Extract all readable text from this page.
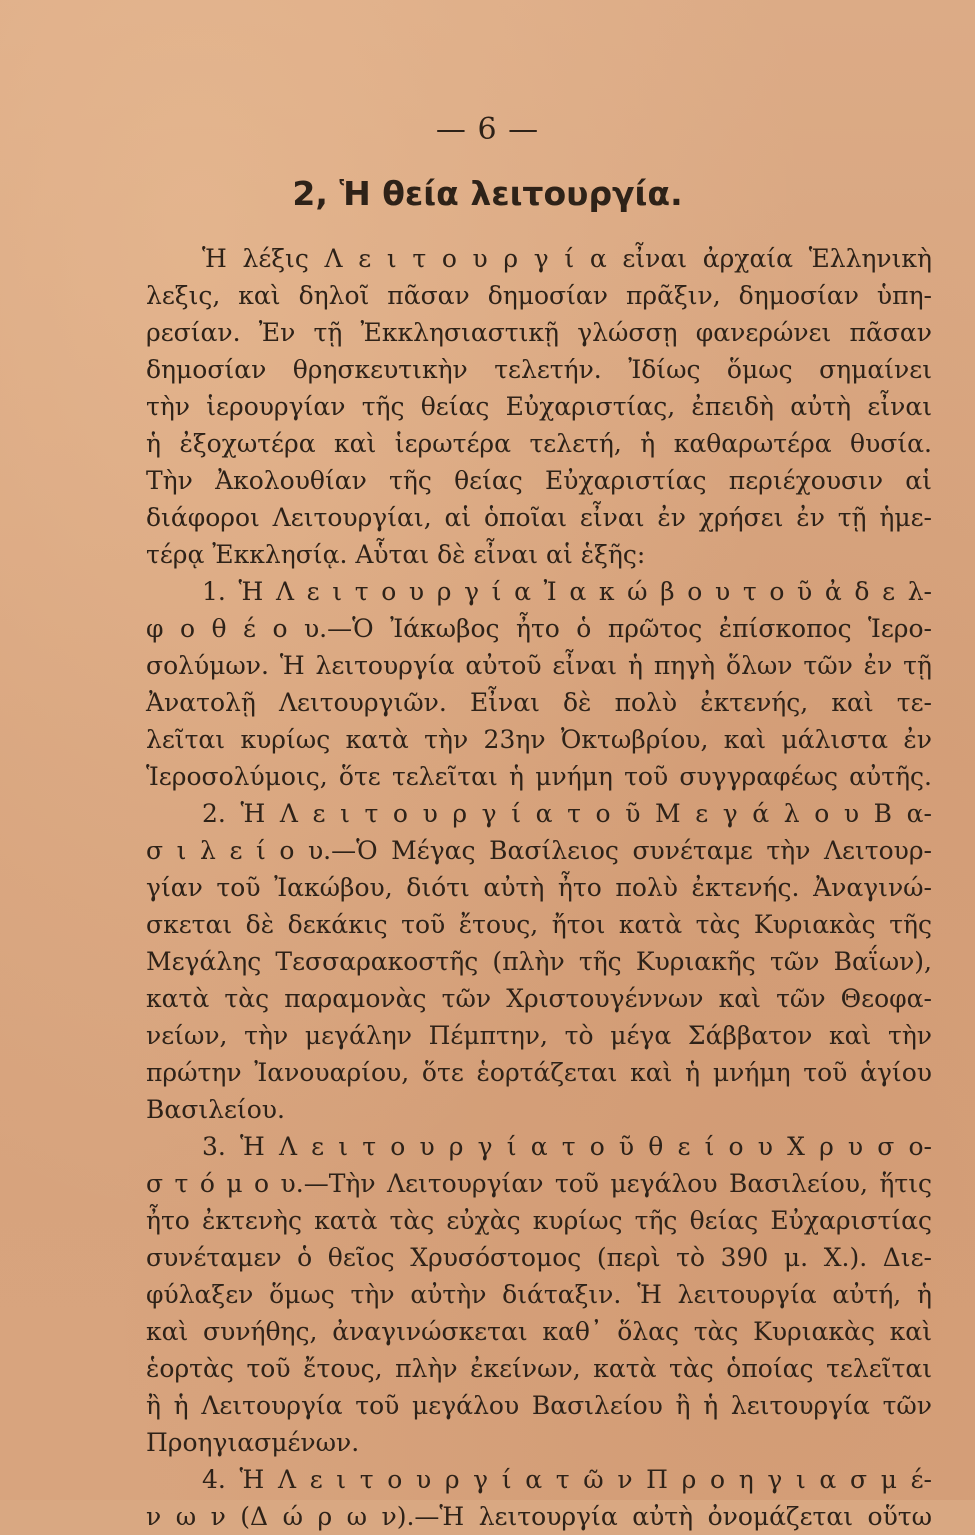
— 6 —
2, Ἡ θεία λειτουργία.
Ἡ λέξις Λ ε ι τ ο υ ρ γ ί α εἶναι ἀρχαία Ἑλληνικὴ
λεξις, καὶ δηλοῖ πᾶσαν δημοσίαν πρᾶξιν, δημοσίαν ὑπη-
ρεσίαν. Ἐν τῇ Ἐκκλησιαστικῇ γλώσσῃ φανερώνει πᾶσαν
δημοσίαν θρησκευτικὴν τελετήν. Ἰδίως ὅμως σημαίνει
τὴν ἱερουργίαν τῆς θείας Εὐχαριστίας, ἐπειδὴ αὐτὴ εἶναι
ἡ ἐξοχωτέρα καὶ ἱερωτέρα τελετή, ἡ καθαρωτέρα θυσία.
Τὴν Ἀκολουθίαν τῆς θείας Εὐχαριστίας περιέχουσιν αἱ
διάφοροι Λειτουργίαι, αἱ ὁποῖαι εἶναι ἐν χρήσει ἐν τῇ ἡμε-
τέρᾳ Ἐκκλησίᾳ. Αὗται δὲ εἶναι αἱ ἑξῆς:
1. Ἡ Λ ε ι τ ο υ ρ γ ί α Ἰ α κ ώ β ο υ τ ο ῦ ἀ δ ε λ-
φ ο θ έ ο υ.—Ὁ Ἰάκωβος ἦτο ὁ πρῶτος ἐπίσκοπος Ἱερο-
σολύμων. Ἡ λειτουργία αὐτοῦ εἶναι ἡ πηγὴ ὅλων τῶν ἐν τῇ
Ἀνατολῇ Λειτουργιῶν. Εἶναι δὲ πολὺ ἐκτενής, καὶ τε-
λεῖται κυρίως κατὰ τὴν 23ην Ὀκτωβρίου, καὶ μάλιστα ἐν
Ἱεροσολύμοις, ὅτε τελεῖται ἡ μνήμη τοῦ συγγραφέως αὐτῆς.
2. Ἡ Λ ε ι τ ο υ ρ γ ί α τ ο ῦ Μ ε γ ά λ ο υ Β α-
σ ι λ ε ί ο υ.—Ὁ Μέγας Βασίλειος συνέταμε τὴν Λειτουρ-
γίαν τοῦ Ἰακώβου, διότι αὐτὴ ἦτο πολὺ ἐκτενής. Ἀναγινώ-
σκεται δὲ δεκάκις τοῦ ἔτους, ἤτοι κατὰ τὰς Κυριακὰς τῆς
Μεγάλης Τεσσαρακοστῆς (πλὴν τῆς Κυριακῆς τῶν Βαΐων),
κατὰ τὰς παραμονὰς τῶν Χριστουγέννων καὶ τῶν Θεοφα-
νείων, τὴν μεγάλην Πέμπτην, τὸ μέγα Σάββατον καὶ τὴν
πρώτην Ἰανουαρίου, ὅτε ἑορτάζεται καὶ ἡ μνήμη τοῦ ἁγίου
Βασιλείου.
3. Ἡ Λ ε ι τ ο υ ρ γ ί α τ ο ῦ θ ε ί ο υ Χ ρ υ σ ο-
σ τ ό μ ο υ.—Τὴν Λειτουργίαν τοῦ μεγάλου Βασιλείου, ἥτις
ἦτο ἐκτενὴς κατὰ τὰς εὐχὰς κυρίως τῆς θείας Εὐχαριστίας
συνέταμεν ὁ θεῖος Χρυσόστομος (περὶ τὸ 390 μ. Χ.). Διε-
φύλαξεν ὅμως τὴν αὐτὴν διάταξιν. Ἡ λειτουργία αὐτή, ἡ
καὶ συνήθης, ἀναγινώσκεται καθ᾿ ὅλας τὰς Κυριακὰς καὶ
ἑορτὰς τοῦ ἔτους, πλὴν ἐκείνων, κατὰ τὰς ὁποίας τελεῖται
ἢ ἡ Λειτουργία τοῦ μεγάλου Βασιλείου ἢ ἡ λειτουργία τῶν
Προηγιασμένων.
4. Ἡ Λ ε ι τ ο υ ρ γ ί α τ ῶ ν Π ρ ο η γ ι α σ μ έ-
ν ω ν (Δ ώ ρ ω ν).—Ἡ λειτουργία αὐτὴ ὀνομάζεται οὕτω
